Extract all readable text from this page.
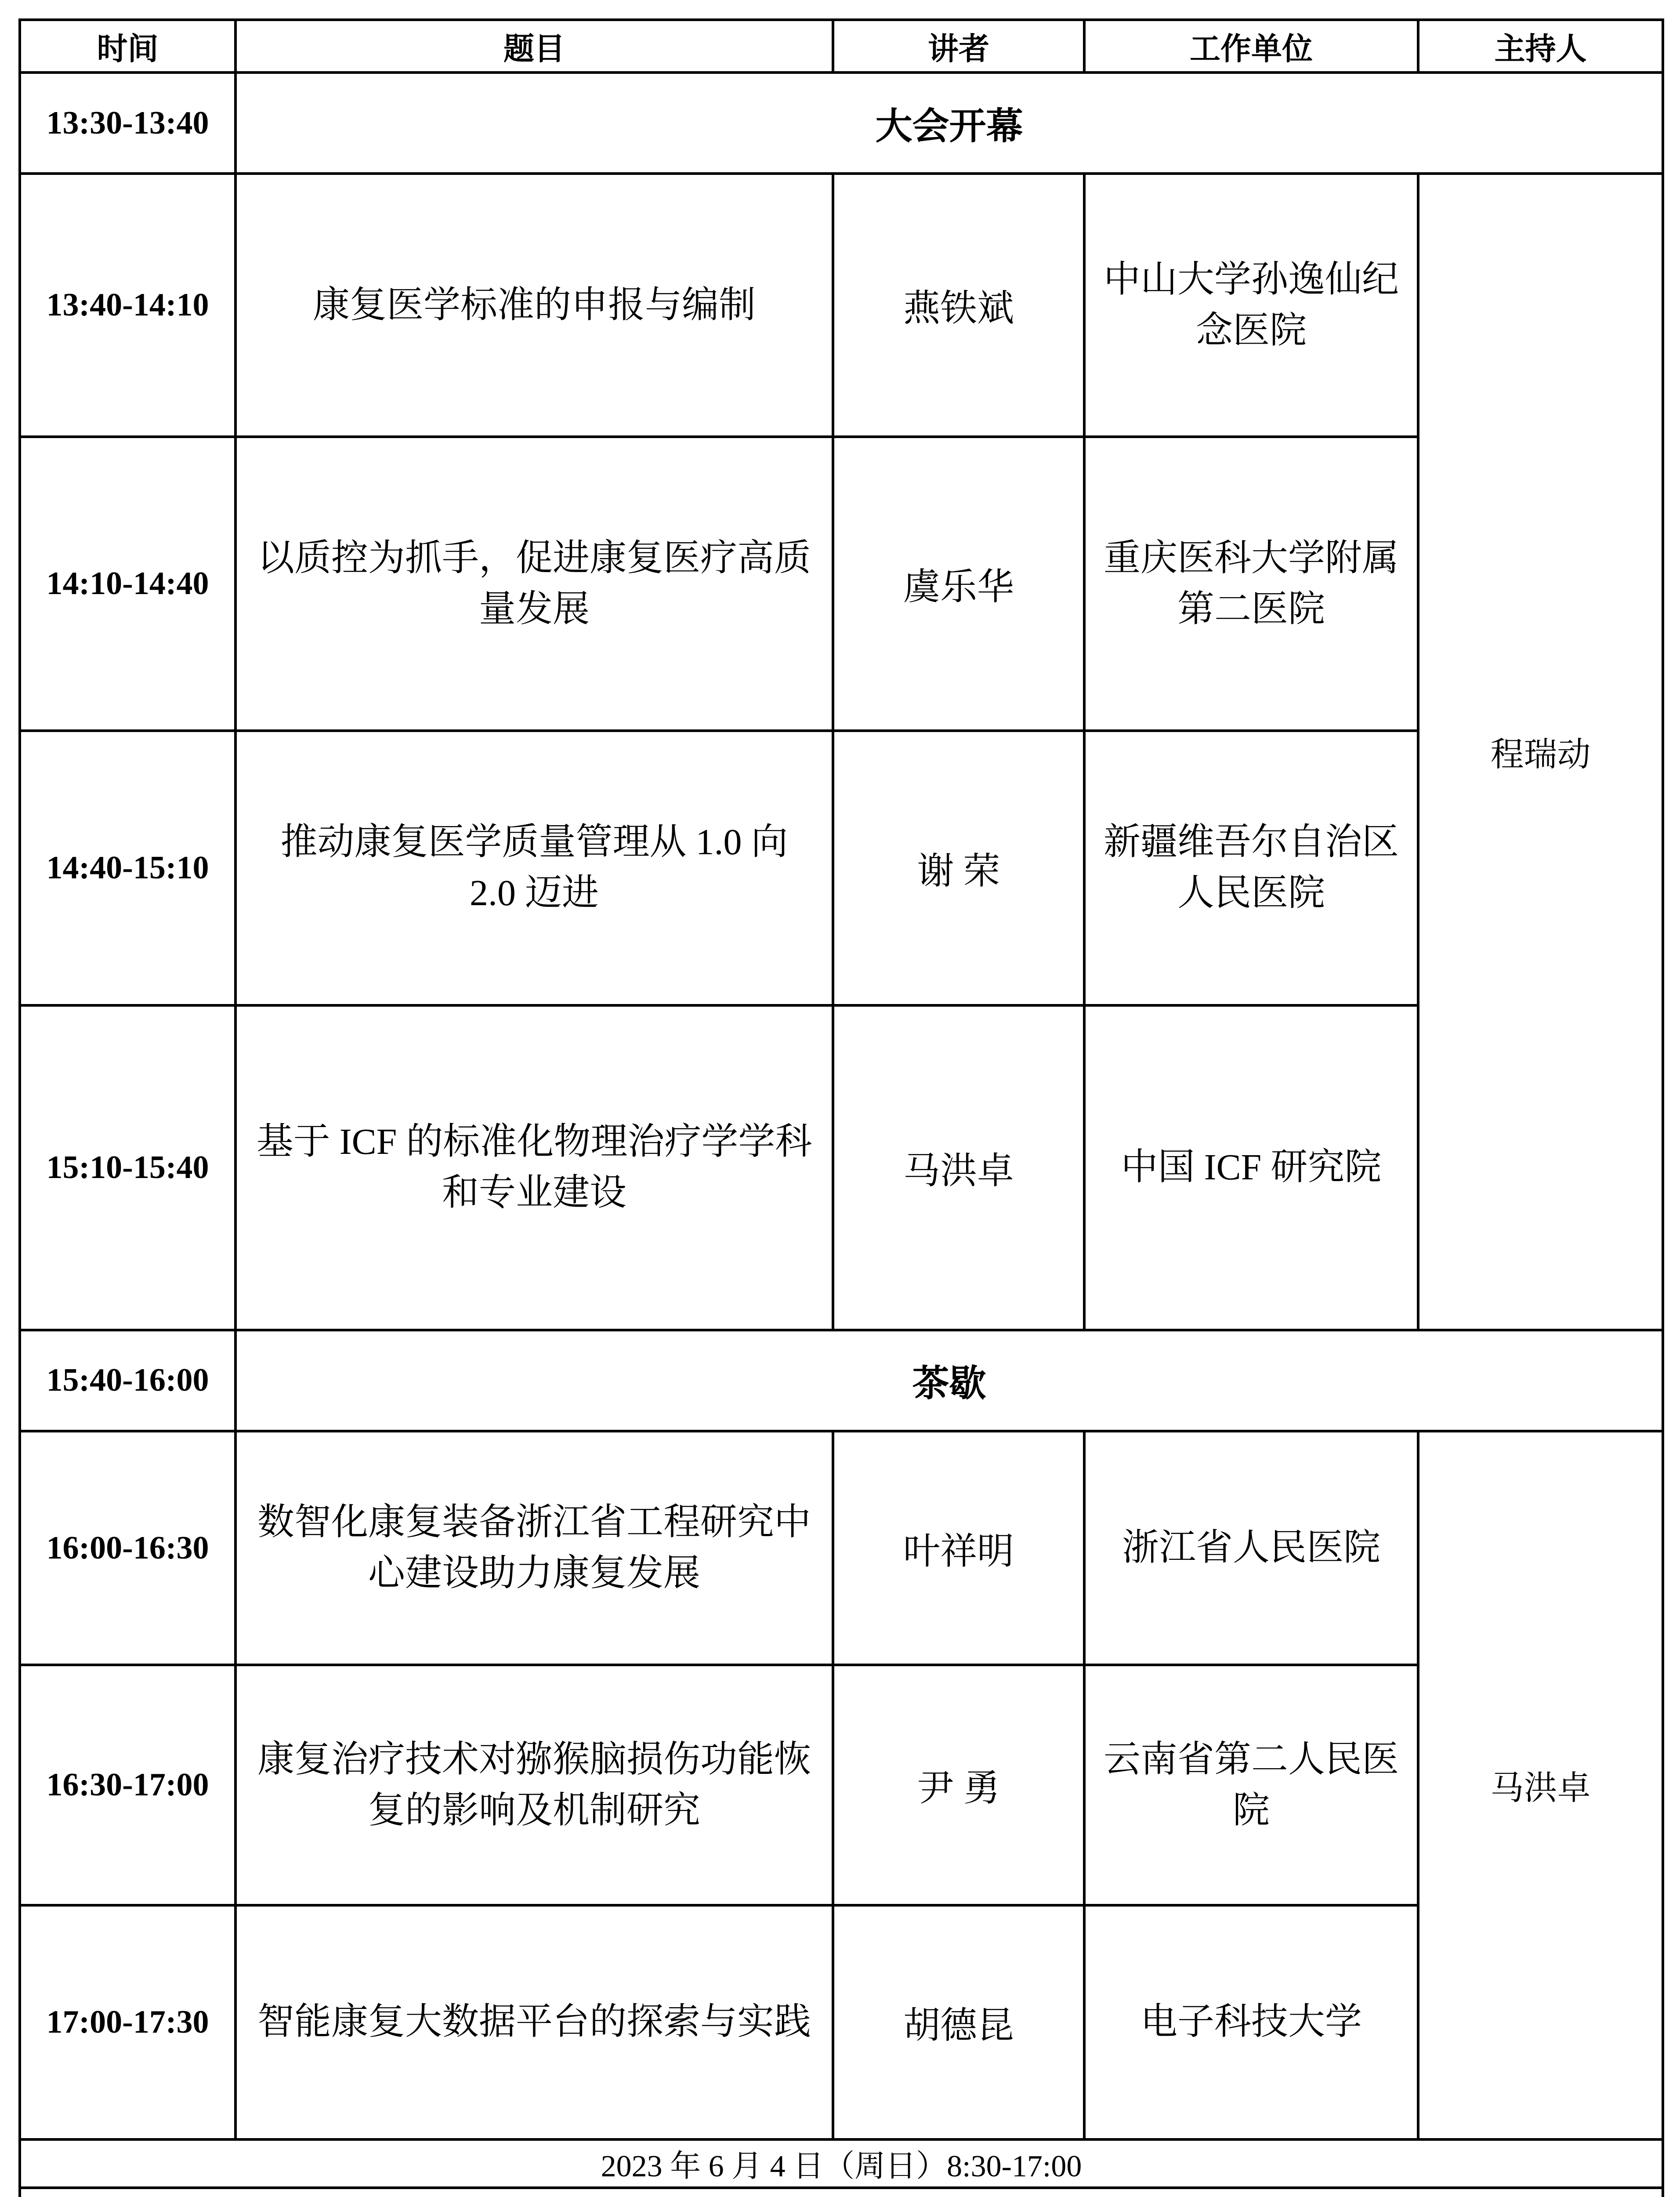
时间	题目	讲者	工作单位	主持人
13:30-13:40	大会开幕			
13:40-14:10	康复医学标准的申报与编制	燕铁斌	中山大学孙逸仙纪念医院	程瑞动
14:10-14:40	以质控为抓手，促进康复医疗高质量发展	虞乐华	重庆医科大学附属第二医院	
14:40-15:10	推动康复医学质量管理从 1.0 向 2.0 迈进	谢 荣	新疆维吾尔自治区人民医院	
15:10-15:40	基于 ICF 的标准化物理治疗学学科和专业建设	马洪卓	中国 ICF 研究院	
15:40-16:00	茶歇			
16:00-16:30	数智化康复装备浙江省工程研究中心建设助力康复发展	叶祥明	浙江省人民医院	马洪卓
16:30-17:00	康复治疗技术对猕猴脑损伤功能恢复的影响及机制研究	尹 勇	云南省第二人民医院	
17:00-17:30	智能康复大数据平台的探索与实践	胡德昆	电子科技大学	
2023 年 6 月 4 日（周日）8:30-17:00				
